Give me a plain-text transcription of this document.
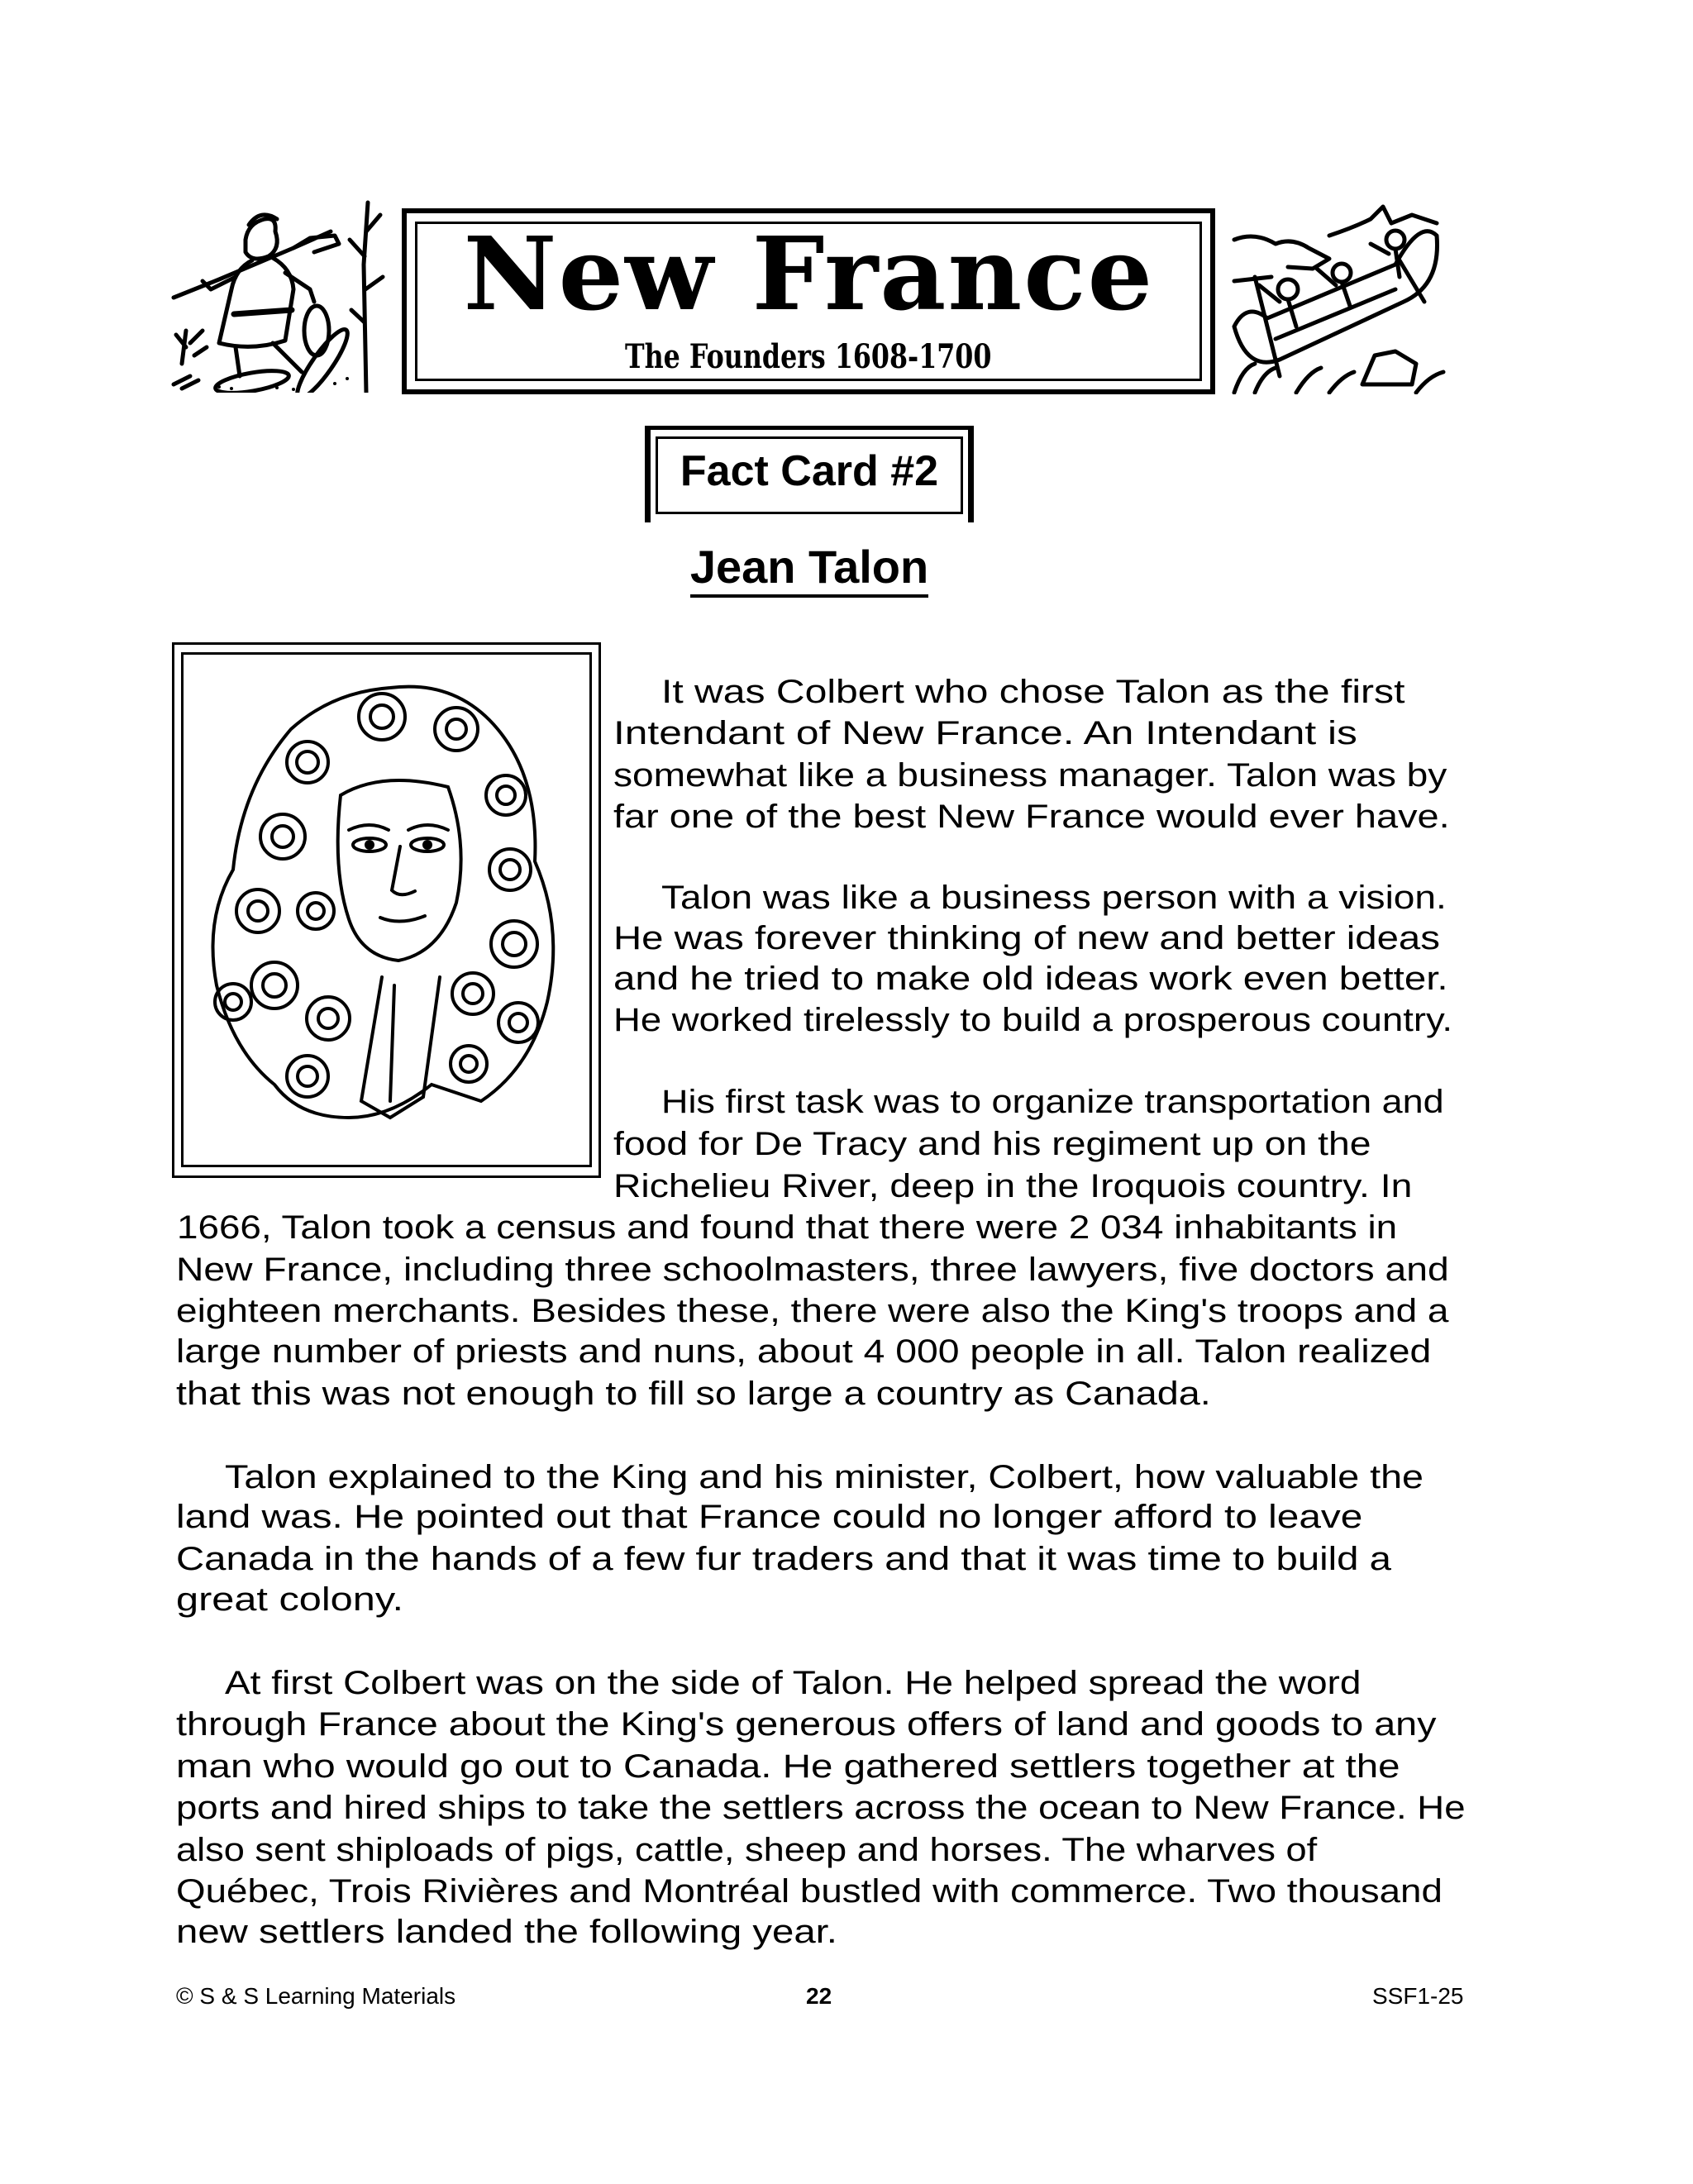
New France
The Founders 1608-1700
Fact Card #2
Jean Talon
It was Colbert who chose Talon as the first
Intendant of New France. An Intendant is
somewhat like a business manager. Talon was by
far one of the best New France would ever have.
Talon was like a business person with a vision.
He was forever thinking of new and better ideas
and he tried to make old ideas work even better.
He worked tirelessly to build a prosperous country.
His first task was to organize transportation and
food for De Tracy and his regiment up on the
Richelieu River, deep in the Iroquois country. In
1666, Talon took a census and found that there were 2 034 inhabitants in
New France, including three schoolmasters, three lawyers, five doctors and
eighteen merchants. Besides these, there were also the King's troops and a
large number of priests and nuns, about 4 000 people in all. Talon realized
that this was not enough to fill so large a country as Canada.
Talon explained to the King and his minister, Colbert, how valuable the
land was. He pointed out that France could no longer afford to leave
Canada in the hands of a few fur traders and that it was time to build a
great colony.
At first Colbert was on the side of Talon. He helped spread the word
through France about the King's generous offers of land and goods to any
man who would go out to Canada. He gathered settlers together at the
ports and hired ships to take the settlers across the ocean to New France. He
also sent shiploads of pigs, cattle, sheep and horses. The wharves of
Québec, Trois Rivières and Montréal bustled with commerce. Two thousand
new settlers landed the following year.
© S & S Learning Materials	22	SSF1-25
